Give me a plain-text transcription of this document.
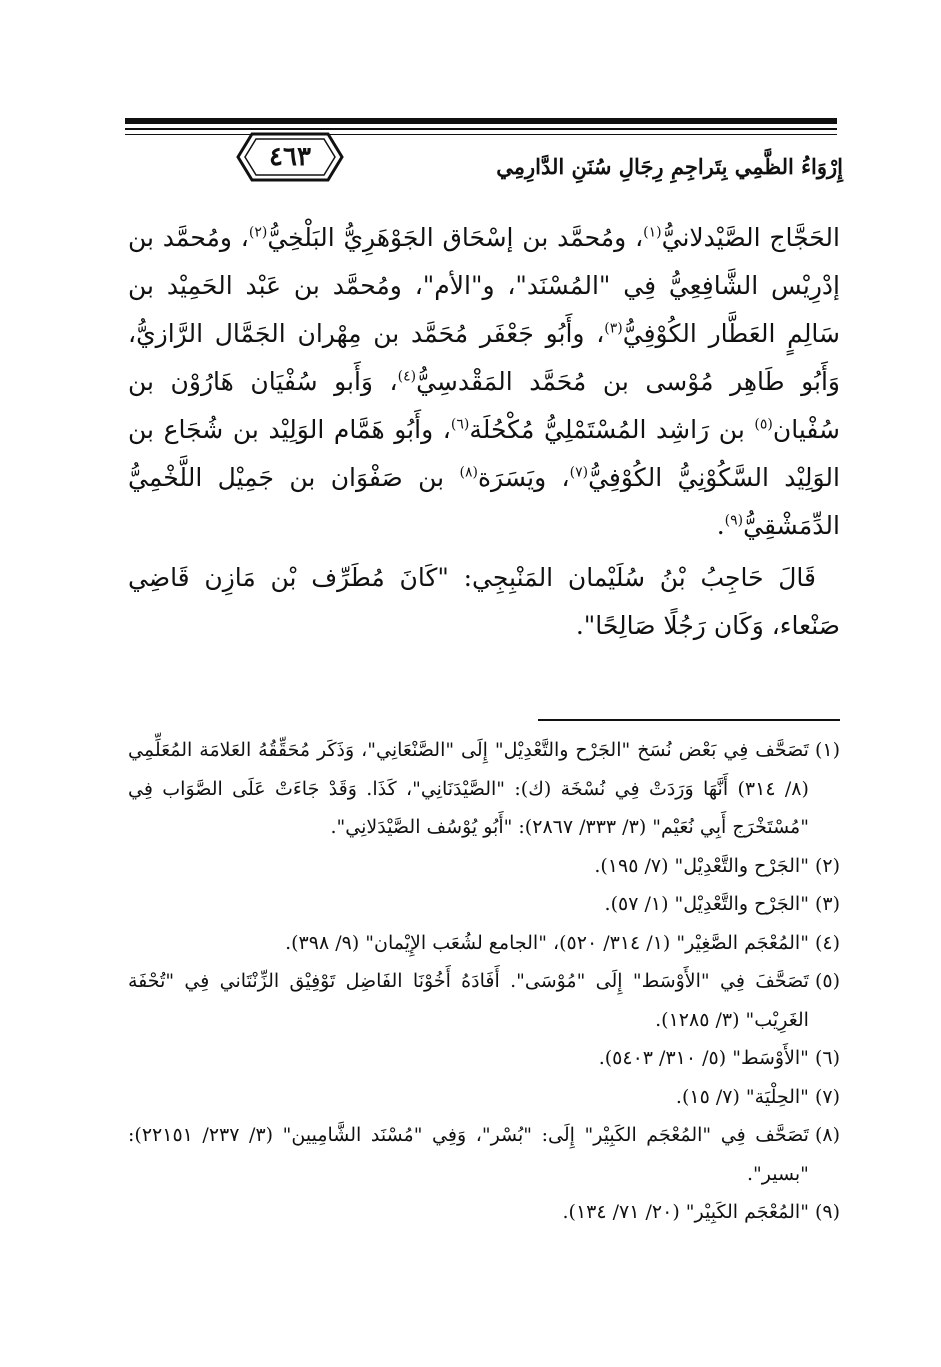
٤٦٣	إِرْوَاءُ الظَّمِي بِتَراجِمِ رِجَالِ سُنَنِ الدَّارِمِي

الحَجَّاج الصَّيْدلانيُّ$^{(١)}$، ومُحمَّد بن إسْحَاق الجَوْهَرِيُّ البَلْخِيُّ$^{(٢)}$، ومُحمَّد بن إدْرِيْس الشَّافِعِيُّ فِي "المُسْنَد"، و"الأم"، ومُحمَّد بن عَبْد الحَمِيْد بن سَالِمٍ العَطَّار الكُوْفِيُّ$^{(٣)}$، وأَبُو جَعْفَر مُحَمَّد بن مِهْران الجَمَّال الرَّازيُّ، وَأَبُو طَاهِر مُوْسى بن مُحَمَّد المَقْدسِيُّ$^{(٤)}$، وَأَبو سُفْيَان هَارُوْن بن سُفْيان$^{(٥)}$ بن رَاشِد المُسْتَمْلِيُّ مُكْحُلَة$^{(٦)}$، وأَبُو هَمَّام الوَلِيْد بن شُجَاع بن الوَلِيْد السَّكُوْنِيُّ الكُوْفِيُّ$^{(٧)}$، ويَسَرَة$^{(٨)}$ بن صَفْوَان بن جَمِيْل اللَّخْمِيُّ الدِّمَشْقِيُّ$^{(٩)}$.

قَالَ حَاجِبُ بْنُ سُلَيْمان المَنْبِجِي: "كَانَ مُطَرِّف بْن مَازِن قَاضِي صَنْعاء، وَكَان رَجُلًا صَالِحًا".

(١)
تَصَحَّف فِي بَعْض نُسَخ "الجَرْح والتَّعْدِيْل" إِلَى "الصَّنْعَانِي"، وَذَكَر مُحَقِّقُهُ العَلامَة المُعَلِّمِي (٨/ ٣١٤) أَنَّهَا وَرَدَتْ فِي نُسْخَة (ك): "الصَّيْدَنَانِي"، كَذَا. وَقَدْ جَاءَتْ عَلَى الصَّوَاب فِي "مُسْتَخْرَج أَبِي نُعَيْم" (٣/ ٣٣٣/ ٢٨٦٧): "أَبُو يُوْسُف الصَّيْدَلانِي".
(٢)
"الجَرْح والتَّعْدِيْل" (٧/ ١٩٥).
(٣)
"الجَرْح والتَّعْدِيْل" (١/ ٥٧).
(٤)
"المُعْجَم الصَّغِيْر" (١/ ٣١٤/ ٥٢٠)، "الجامع لشُعَب الإِيْمان" (٩/ ٣٩٨).
(٥)
تَصَحَّفَ فِي "الأَوْسَط" إِلَى "مُوْسَى". أَفَادَهُ أَخُوْنَا الفَاضِل تَوْفِيْق الزِّنْتَاني فِي "تُحْفَة الغَرِيْب" (٣/ ١٢٨٥).
(٦)
"الأَوْسَط" (٥/ ٣١٠/ ٥٤٠٣).
(٧)
"الحِلْيَة" (٧/ ١٥).
(٨)
تَصَحَّف فِي "المُعْجَم الكَبِيْر" إِلَى: "بُسْر"، وَفِي "مُسْنَد الشَّامِيين" (٣/ ٢٣٧/ ٢٢١٥١): "بسير".
(٩)
"المُعْجَم الكَبِيْر" (٢٠/ ٧١/ ١٣٤).
